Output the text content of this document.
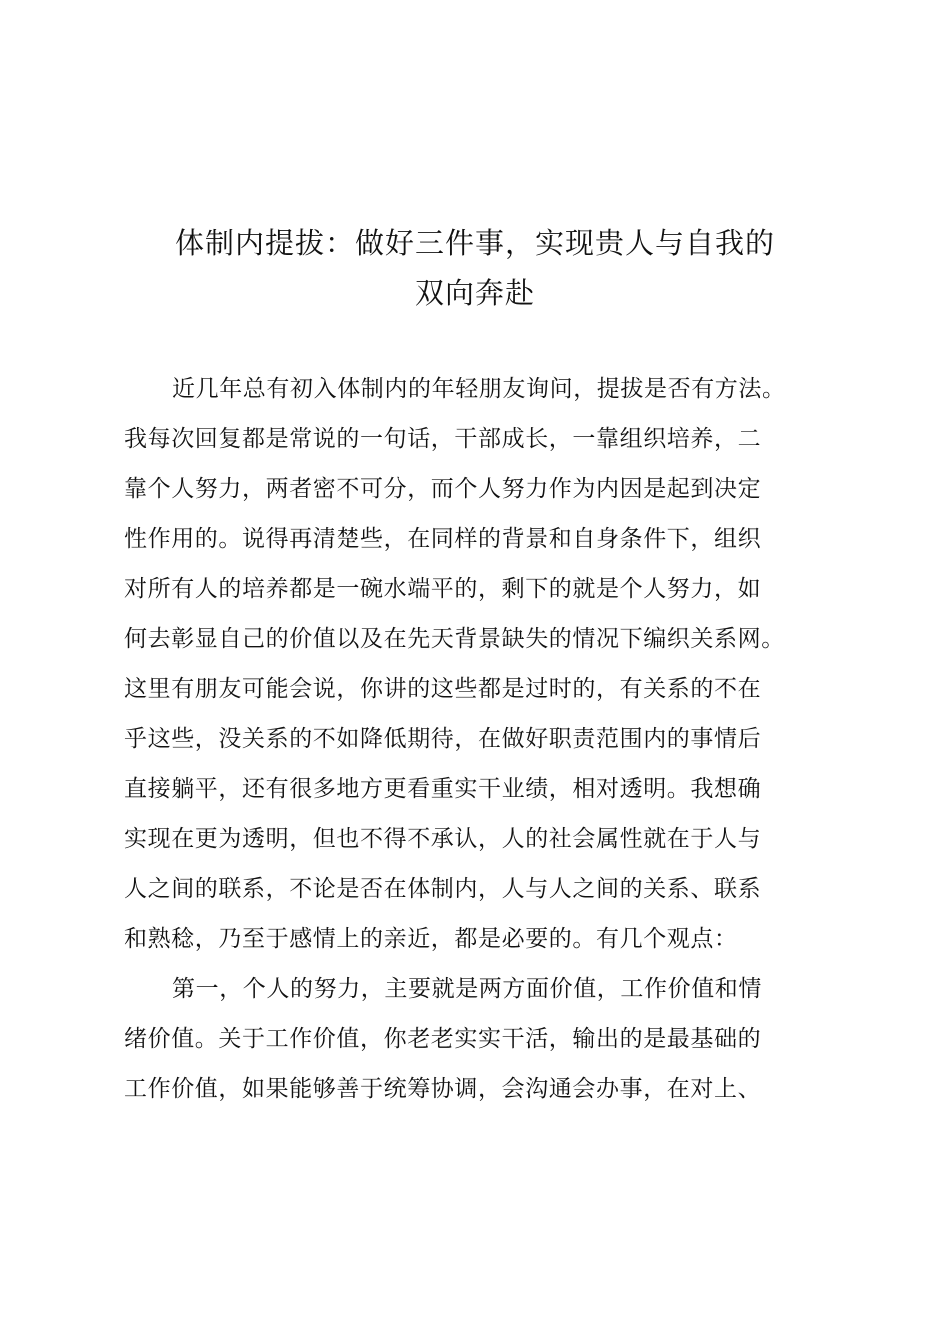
体制内提拔：做好三件事，实现贵人与自我的
双向奔赴
近几年总有初入体制内的年轻朋友询问，提拔是否有方法。
我每次回复都是常说的一句话，干部成长，一靠组织培养，二
靠个人努力，两者密不可分，而个人努力作为内因是起到决定
性作用的。说得再清楚些，在同样的背景和自身条件下，组织
对所有人的培养都是一碗水端平的，剩下的就是个人努力，如
何去彰显自己的价值以及在先天背景缺失的情况下编织关系网。
这里有朋友可能会说，你讲的这些都是过时的，有关系的不在
乎这些，没关系的不如降低期待，在做好职责范围内的事情后
直接躺平，还有很多地方更看重实干业绩，相对透明。我想确
实现在更为透明，但也不得不承认，人的社会属性就在于人与
人之间的联系，不论是否在体制内，人与人之间的关系、联系
和熟稔，乃至于感情上的亲近，都是必要的。有几个观点：
第一，个人的努力，主要就是两方面价值，工作价值和情
绪价值。关于工作价值，你老老实实干活，输出的是最基础的
工作价值，如果能够善于统筹协调，会沟通会办事，在对上、
